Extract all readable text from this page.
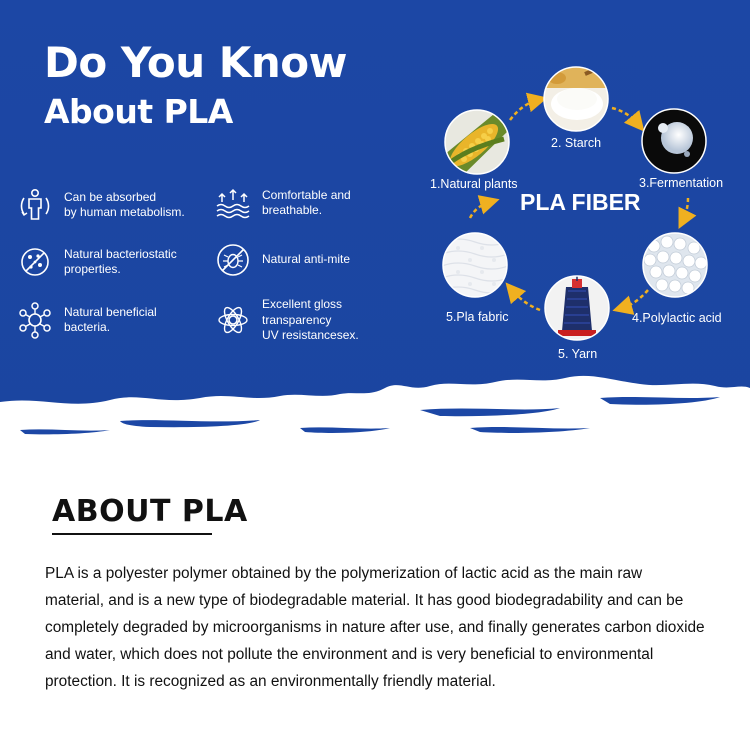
Do You Know
About PLA
Can be absorbed
by human metabolism.
Comfortable and
breathable.
Natural bacteriostatic
properties.
Natural anti-mite
Natural beneficial
bacteria.
Excellent gloss
transparency
UV resistancesex.
1.Natural plants
2. Starch
3.Fermentation
4.Polylactic acid
5. Yarn
5.Pla fabric
PLA FIBER
ABOUT PLA
PLA is a polyester polymer obtained by the polymerization of lactic acid as the main raw material, and is a new type of biodegradable material. It has good biodegradability and can be completely degraded by microorganisms in nature after use, and finally generates carbon dioxide and water, which does not pollute the environment and is very beneficial to environmental protection. It is recognized as an environmentally friendly material.
